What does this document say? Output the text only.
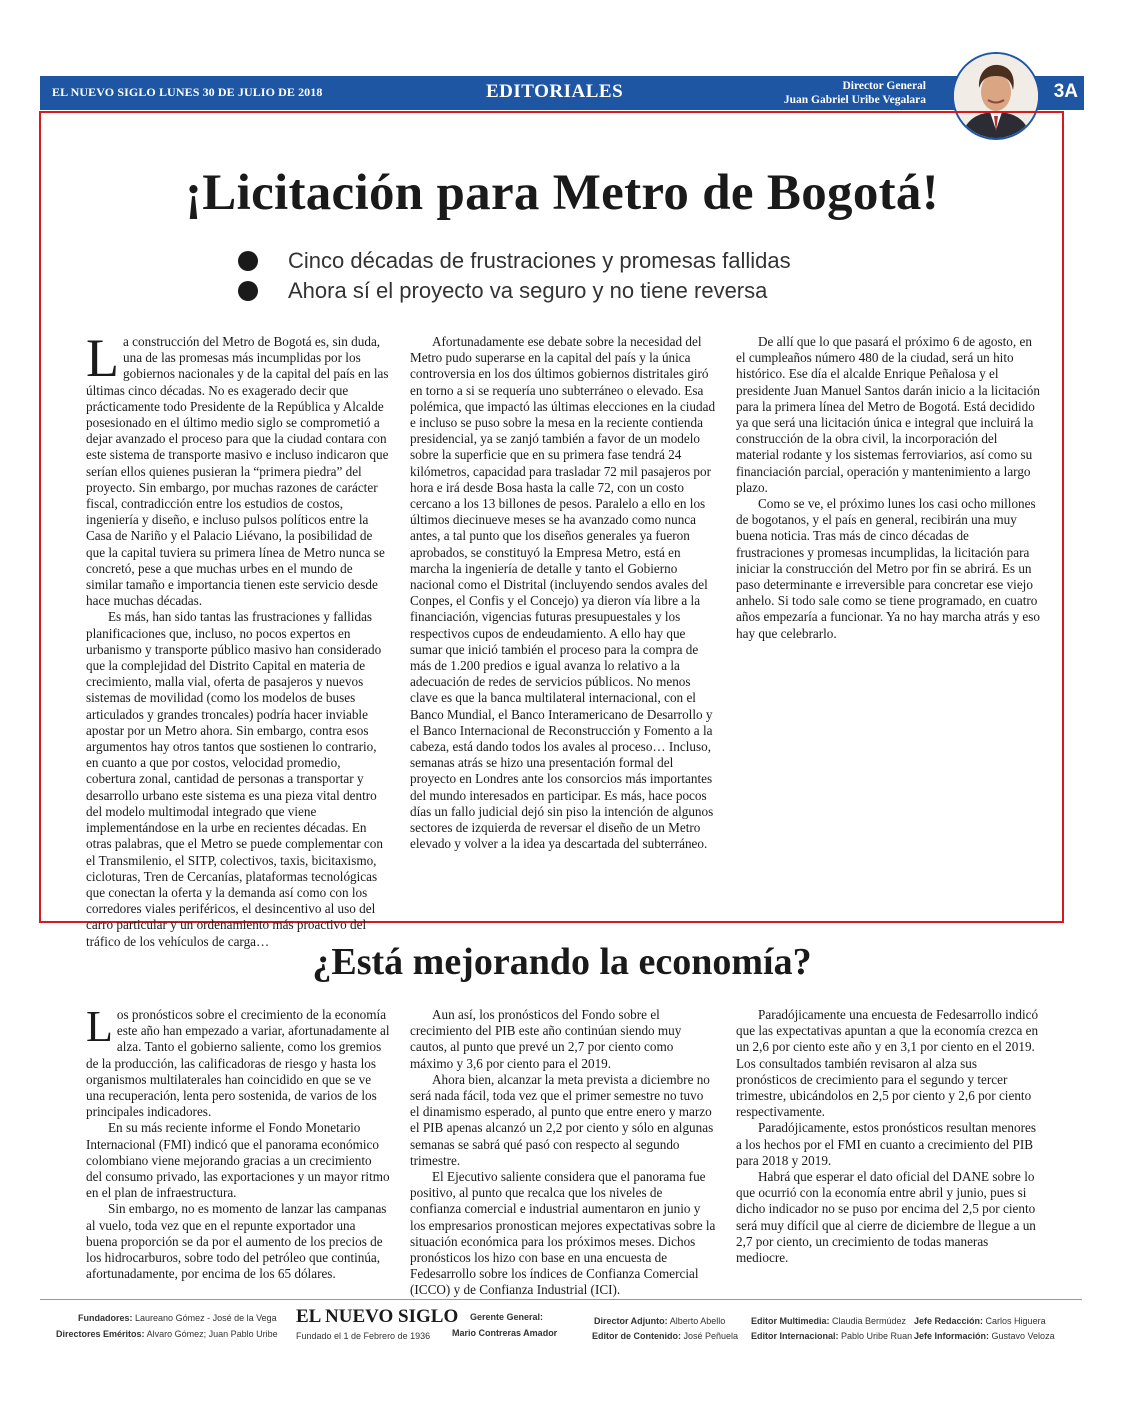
EL NUEVO SIGLO LUNES 30 DE JULIO DE 2018	EDITORIALES	Director General
Juan Gabriel Uribe Vegalara	3A
¡Licitación para Metro de Bogotá!
Cinco décadas de frustraciones y promesas fallidas
Ahora sí el proyecto va seguro y no tiene reversa

La construcción del Metro de Bogotá es, sin duda, una de las promesas más incumplidas por los gobiernos nacionales y de la capital del país en las últimas cinco décadas. No es exagerado decir que prácticamente todo Presidente de la República y Alcalde posesionado en el último medio siglo se comprometió a dejar avanzado el proceso para que la ciudad contara con este sistema de transporte masivo e incluso indicaron que serían ellos quienes pusieran la “primera piedra” del proyecto. Sin embargo, por muchas razones de carácter fiscal, contradicción entre los estudios de costos, ingeniería y diseño, e incluso pulsos políticos entre la Casa de Nariño y el Palacio Liévano, la posibilidad de que la capital tuviera su primera línea de Metro nunca se concretó, pese a que muchas urbes en el mundo de similar tamaño e importancia tienen este servicio desde hace muchas décadas.

Es más, han sido tantas las frustraciones y fallidas planificaciones que, incluso, no pocos expertos en urbanismo y transporte público masivo han considerado que la complejidad del Distrito Capital en materia de crecimiento, malla vial, oferta de pasajeros y nuevos sistemas de movilidad (como los modelos de buses articulados y grandes troncales) podría hacer inviable apostar por un Metro ahora. Sin embargo, contra esos argumentos hay otros tantos que sostienen lo contrario, en cuanto a que por costos, velocidad promedio, cobertura zonal, cantidad de personas a transportar y desarrollo urbano este sistema es una pieza vital dentro del modelo multimodal integrado que viene implementándose en la urbe en recientes décadas. En otras palabras, que el Metro se puede complementar con el Transmilenio, el SITP, colectivos, taxis, bicitaxismo, cicloturas, Tren de Cercanías, plataformas tecnológicas que conectan la oferta y la demanda así como con los corredores viales periféricos, el desincentivo al uso del carro particular y un ordenamiento más proactivo del tráfico de los vehículos de carga…

Afortunadamente ese debate sobre la necesidad del Metro pudo superarse en la capital del país y la única controversia en los dos últimos gobiernos distritales giró en torno a si se requería uno subterráneo o elevado. Esa polémica, que impactó las últimas elecciones en la ciudad e incluso se puso sobre la mesa en la reciente contienda presidencial, ya se zanjó también a favor de un modelo sobre la superficie que en su primera fase tendrá 24 kilómetros, capacidad para trasladar 72 mil pasajeros por hora e irá desde Bosa hasta la calle 72, con un costo cercano a los 13 billones de pesos. Paralelo a ello en los últimos diecinueve meses se ha avanzado como nunca antes, a tal punto que los diseños generales ya fueron aprobados, se constituyó la Empresa Metro, está en marcha la ingeniería de detalle y tanto el Gobierno nacional como el Distrital (incluyendo sendos avales del Conpes, el Confis y el Concejo) ya dieron vía libre a la financiación, vigencias futuras presupuestales y los respectivos cupos de endeudamiento. A ello hay que sumar que inició también el proceso para la compra de más de 1.200 predios e igual avanza lo relativo a la adecuación de redes de servicios públicos. No menos clave es que la banca multilateral internacional, con el Banco Mundial, el Banco Interamericano de Desarrollo y el Banco Internacional de Reconstrucción y Fomento a la cabeza, está dando todos los avales al proceso… Incluso, semanas atrás se hizo una presentación formal del proyecto en Londres ante los consorcios más importantes del mundo interesados en participar. Es más, hace pocos días un fallo judicial dejó sin piso la intención de algunos sectores de izquierda de reversar el diseño de un Metro elevado y volver a la idea ya descartada del subterráneo.

De allí que lo que pasará el próximo 6 de agosto, en el cumpleaños número 480 de la ciudad, será un hito histórico. Ese día el alcalde Enrique Peñalosa y el presidente Juan Manuel Santos darán inicio a la licitación para la primera línea del Metro de Bogotá. Está decidido ya que será una licitación única e integral que incluirá la construcción de la obra civil, la incorporación del material rodante y los sistemas ferroviarios, así como su financiación parcial, operación y mantenimiento a largo plazo.

Como se ve, el próximo lunes los casi ocho millones de bogotanos, y el país en general, recibirán una muy buena noticia. Tras más de cinco décadas de frustraciones y promesas incumplidas, la licitación para iniciar la construcción del Metro por fin se abrirá. Es un paso determinante e irreversible para concretar ese viejo anhelo. Si todo sale como se tiene programado, en cuatro años empezaría a funcionar. Ya no hay marcha atrás y eso hay que celebrarlo.

¿Está mejorando la economía?

Los pronósticos sobre el crecimiento de la economía este año han empezado a variar, afortunadamente al alza. Tanto el gobierno saliente, como los gremios de la producción, las calificadoras de riesgo y hasta los organismos multilaterales han coincidido en que se ve una recuperación, lenta pero sostenida, de varios de los principales indicadores.

En su más reciente informe el Fondo Monetario Internacional (FMI) indicó que el panorama económico colombiano viene mejorando gracias a un crecimiento del consumo privado, las exportaciones y un mayor ritmo en el plan de infraestructura.

Sin embargo, no es momento de lanzar las campanas al vuelo, toda vez que en el repunte exportador una buena proporción se da por el aumento de los precios de los hidrocarburos, sobre todo del petróleo que continúa, afortunadamente, por encima de los 65 dólares.

Aun así, los pronósticos del Fondo sobre el crecimiento del PIB este año continúan siendo muy cautos, al punto que prevé un 2,7 por ciento como máximo y 3,6 por ciento para el 2019.

Ahora bien, alcanzar la meta prevista a diciembre no será nada fácil, toda vez que el primer semestre no tuvo el dinamismo esperado, al punto que entre enero y marzo el PIB apenas alcanzó un 2,2 por ciento y sólo en algunas semanas se sabrá qué pasó con respecto al segundo trimestre.

El Ejecutivo saliente considera que el panorama fue positivo, al punto que recalca que los niveles de confianza comercial e industrial aumentaron en junio y los empresarios pronostican mejores expectativas sobre la situación económica para los próximos meses. Dichos pronósticos los hizo con base en una encuesta de Fedesarrollo sobre los índices de Confianza Comercial (ICCO) y de Confianza Industrial (ICI).

Paradójicamente una encuesta de Fedesarrollo indicó que las expectativas apuntan a que la economía crezca en un 2,6 por ciento este año y en 3,1 por ciento en el 2019. Los consultados también revisaron al alza sus pronósticos de crecimiento para el segundo y tercer trimestre, ubicándolos en 2,5 por ciento y 2,6 por ciento respectivamente.

Paradójicamente, estos pronósticos resultan menores a los hechos por el FMI en cuanto a crecimiento del PIB para 2018 y 2019.

Habrá que esperar el dato oficial del DANE sobre lo que ocurrió con la economía entre abril y junio, pues si dicho indicador no se puso por encima del 2,5 por ciento será muy difícil que al cierre de diciembre de llegue a un 2,7 por ciento, un crecimiento de todas maneras mediocre.

Fundadores: Laureano Gómez - José de la Vega
Directores Eméritos: Alvaro Gómez; Juan Pablo Uribe
EL NUEVO SIGLO
Fundado el 1 de Febrero de 1936
Gerente General:
Mario Contreras Amador
Director Adjunto: Alberto Abello
Editor de Contenido: José Peñuela
Editor Multimedia: Claudia Bermúdez
Editor Internacional: Pablo Uribe Ruan
Jefe Redacción: Carlos Higuera
Jefe Información: Gustavo Veloza
